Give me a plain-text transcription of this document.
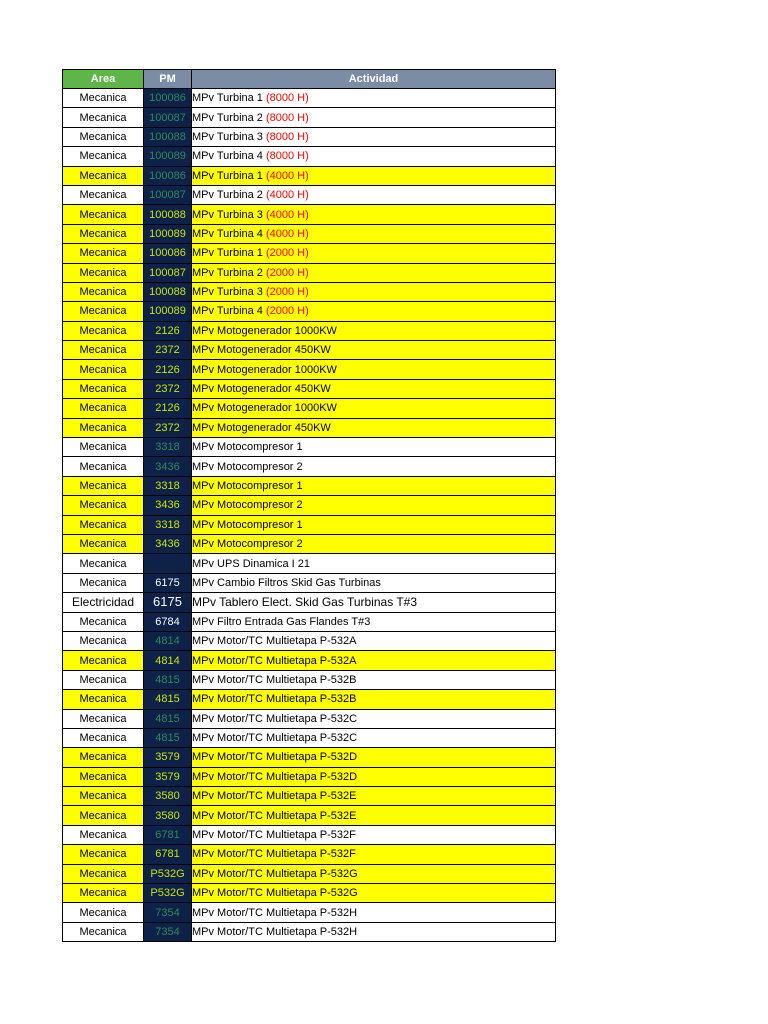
Area	PM	Actividad
Mecanica	100086	MPv Turbina 1 (8000 H)
Mecanica	100087	MPv Turbina 2 (8000 H)
Mecanica	100088	MPv Turbina 3 (8000 H)
Mecanica	100089	MPv Turbina 4 (8000 H)
Mecanica	100086	MPv Turbina 1 (4000 H)
Mecanica	100087	MPv Turbina 2 (4000 H)
Mecanica	100088	MPv Turbina 3 (4000 H)
Mecanica	100089	MPv Turbina 4 (4000 H)
Mecanica	100086	MPv Turbina 1 (2000 H)
Mecanica	100087	MPv Turbina 2 (2000 H)
Mecanica	100088	MPv Turbina 3 (2000 H)
Mecanica	100089	MPv Turbina 4 (2000 H)
Mecanica	2126	MPv Motogenerador 1000KW
Mecanica	2372	MPv Motogenerador 450KW
Mecanica	2126	MPv Motogenerador 1000KW
Mecanica	2372	MPv Motogenerador 450KW
Mecanica	2126	MPv Motogenerador 1000KW
Mecanica	2372	MPv Motogenerador 450KW
Mecanica	3318	MPv Motocompresor 1
Mecanica	3436	MPv Motocompresor 2
Mecanica	3318	MPv Motocompresor 1
Mecanica	3436	MPv Motocompresor 2
Mecanica	3318	MPv Motocompresor 1
Mecanica	3436	MPv Motocompresor 2
Mecanica		MPv UPS Dinamica I 21
Mecanica	6175	MPv Cambio Filtros Skid Gas Turbinas
Electricidad	6175	MPv Tablero Elect. Skid Gas Turbinas T#3
Mecanica	6784	MPv Filtro Entrada Gas Flandes T#3
Mecanica	4814	MPv Motor/TC Multietapa P-532A
Mecanica	4814	MPv Motor/TC Multietapa P-532A
Mecanica	4815	MPv Motor/TC Multietapa P-532B
Mecanica	4815	MPv Motor/TC Multietapa P-532B
Mecanica	4815	MPv Motor/TC Multietapa P-532C
Mecanica	4815	MPv Motor/TC Multietapa P-532C
Mecanica	3579	MPv Motor/TC Multietapa P-532D
Mecanica	3579	MPv Motor/TC Multietapa P-532D
Mecanica	3580	MPv Motor/TC Multietapa P-532E
Mecanica	3580	MPv Motor/TC Multietapa P-532E
Mecanica	6781	MPv Motor/TC Multietapa P-532F
Mecanica	6781	MPv Motor/TC Multietapa P-532F
Mecanica	P532G	MPv Motor/TC Multietapa P-532G
Mecanica	P532G	MPv Motor/TC Multietapa P-532G
Mecanica	7354	MPv Motor/TC Multietapa P-532H
Mecanica	7354	MPv Motor/TC Multietapa P-532H
